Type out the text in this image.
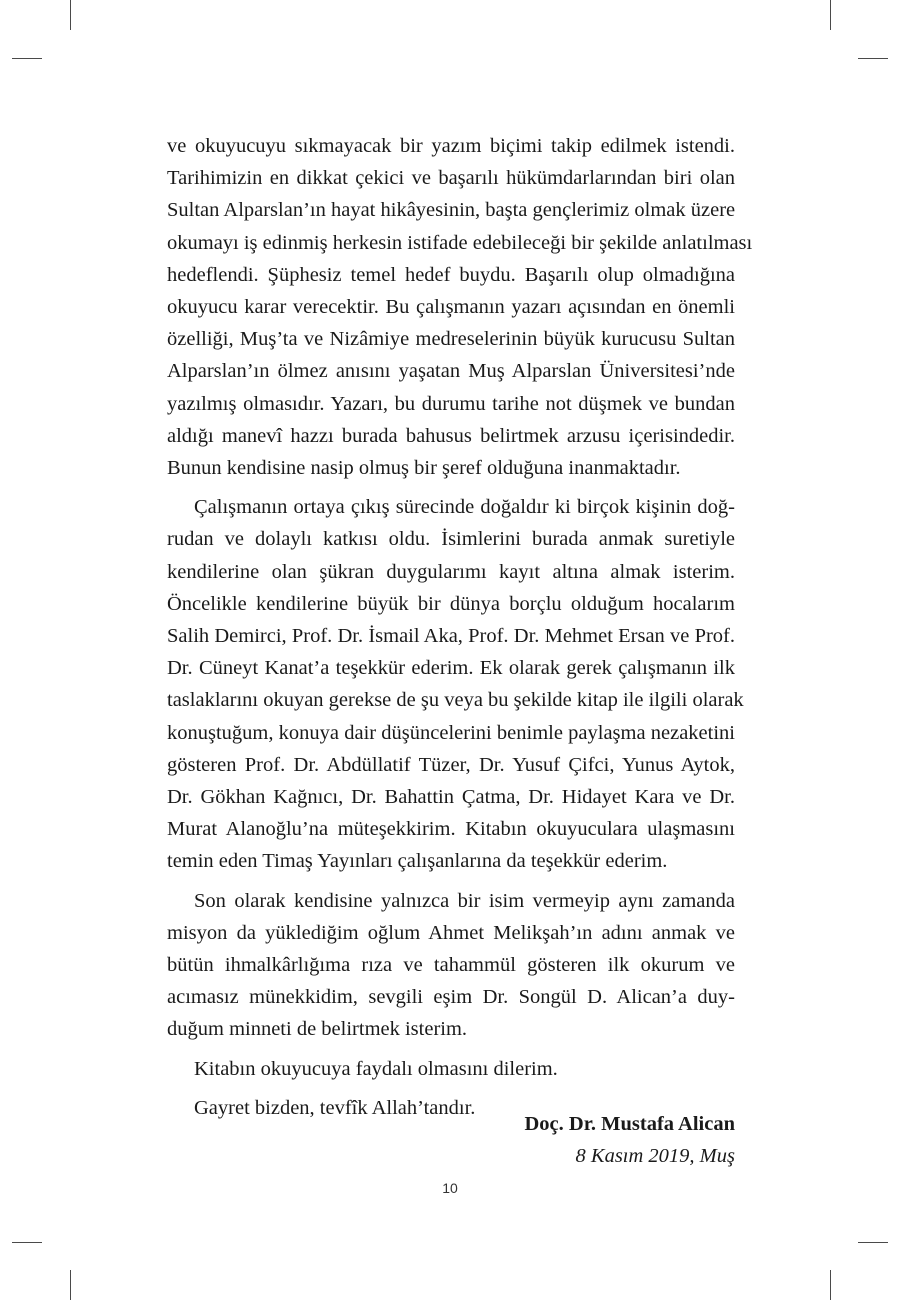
ve okuyucuyu sıkmayacak bir yazım biçimi takip edilmek istendi.
Tarihimizin en dikkat çekici ve başarılı hükümdarlarından biri olan
Sultan Alparslan’ın hayat hikâyesinin, başta gençlerimiz olmak üzere
okumayı iş edinmiş herkesin istifade edebileceği bir şekilde anlatılması
hedeflendi. Şüphesiz temel hedef buydu. Başarılı olup olmadığına
okuyucu karar verecektir. Bu çalışmanın yazarı açısından en önemli
özelliği, Muş’ta ve Nizâmiye medreselerinin büyük kurucusu Sultan
Alparslan’ın ölmez anısını yaşatan Muş Alparslan Üniversitesi’nde
yazılmış olmasıdır. Yazarı, bu durumu tarihe not düşmek ve bundan
aldığı manevî hazzı burada bahusus belirtmek arzusu içerisindedir.
Bunun kendisine nasip olmuş bir şeref olduğuna inanmaktadır.

Çalışmanın ortaya çıkış sürecinde doğaldır ki birçok kişinin doğ-
rudan ve dolaylı katkısı oldu. İsimlerini burada anmak suretiyle
kendilerine olan şükran duygularımı kayıt altına almak isterim.
Öncelikle kendilerine büyük bir dünya borçlu olduğum hocalarım
Salih Demirci, Prof. Dr. İsmail Aka, Prof. Dr. Mehmet Ersan ve Prof.
Dr. Cüneyt Kanat’a teşekkür ederim. Ek olarak gerek çalışmanın ilk
taslaklarını okuyan gerekse de şu veya bu şekilde kitap ile ilgili olarak
konuştuğum, konuya dair düşüncelerini benimle paylaşma nezaketini
gösteren Prof. Dr. Abdüllatif Tüzer, Dr. Yusuf Çifci, Yunus Aytok,
Dr. Gökhan Kağnıcı, Dr. Bahattin Çatma, Dr. Hidayet Kara ve Dr.
Murat Alanoğlu’na müteşekkirim. Kitabın okuyuculara ulaşmasını
temin eden Timaş Yayınları çalışanlarına da teşekkür ederim.

Son olarak kendisine yalnızca bir isim vermeyip aynı zamanda
misyon da yüklediğim oğlum Ahmet Melikşah’ın adını anmak ve
bütün ihmalkârlığıma rıza ve tahammül gösteren ilk okurum ve
acımasız münekkidim, sevgili eşim Dr. Songül D. Alican’a duy-
duğum minneti de belirtmek isterim.

Kitabın okuyucuya faydalı olmasını dilerim.

Gayret bizden, tevfîk Allah’tandır.

Doç. Dr. Mustafa Alican
8 Kasım 2019, Muş
10
